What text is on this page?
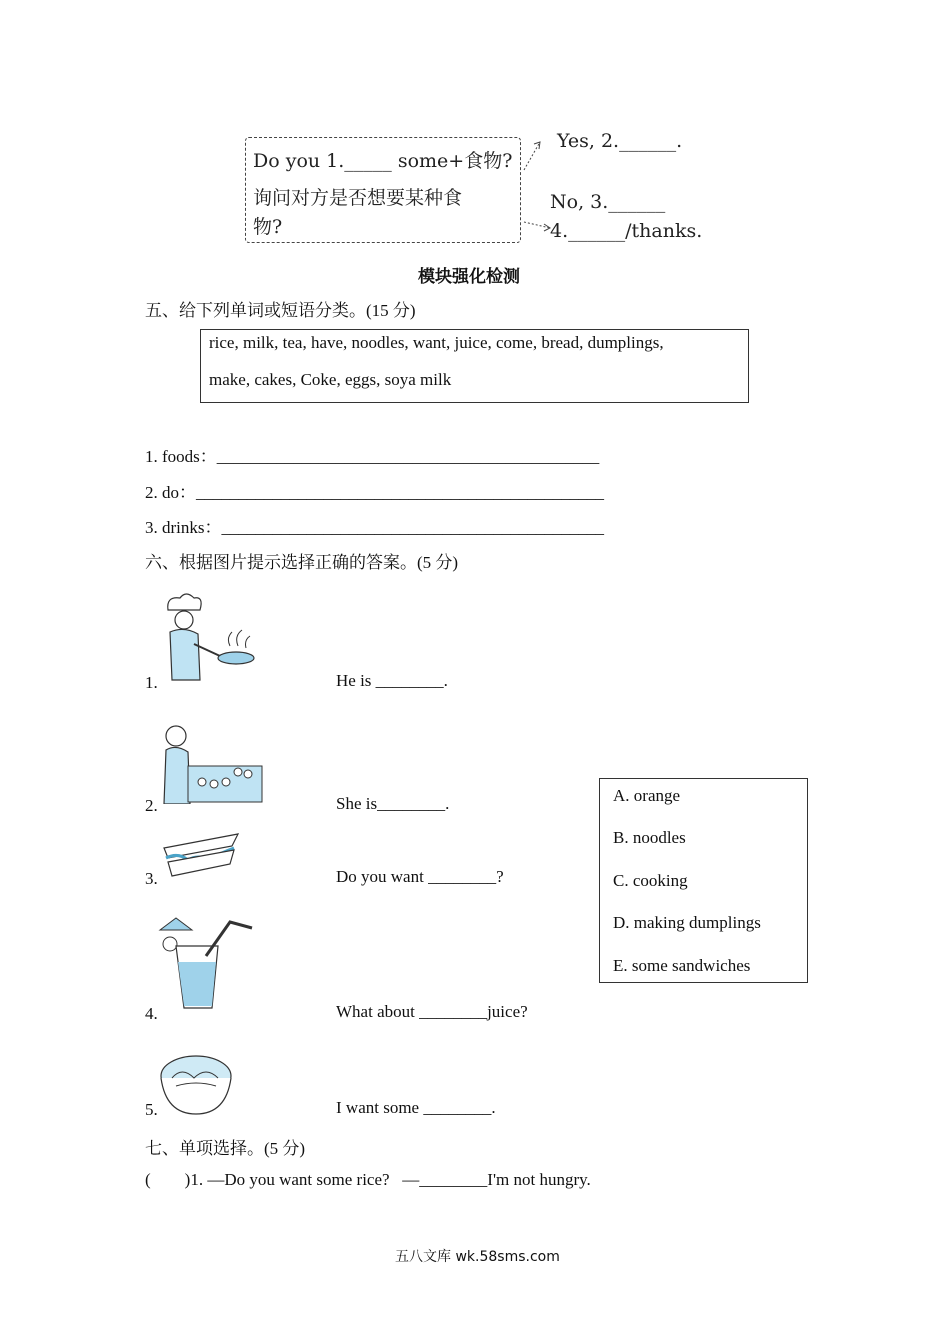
Do you 1._____ some+食物?
询问对方是否想要某种食
物?
Yes, 2.______.
No, 3.______
4.______/thanks.
模块强化检测
五、给下列单词或短语分类。(15 分)
rice, milk, tea, have, noodles, want, juice, come, bread, dumplings,
make, cakes, Coke, eggs, soya milk
1. foods：_____________________________________________
2. do：________________________________________________
3. drinks：_____________________________________________
六、根据图片提示选择正确的答案。(5 分)
1.	He is ________.
2.	She is________.
3.	Do you want ________?
4.	What about ________juice?
5.	I want some ________.
A. orange
B. noodles
C. cooking
D. making dumplings
E. some sandwiches
七、单项选择。(5 分)
(        )1. —Do you want some rice?   —________I'm not hungry.
五八文库 wk.58sms.com
